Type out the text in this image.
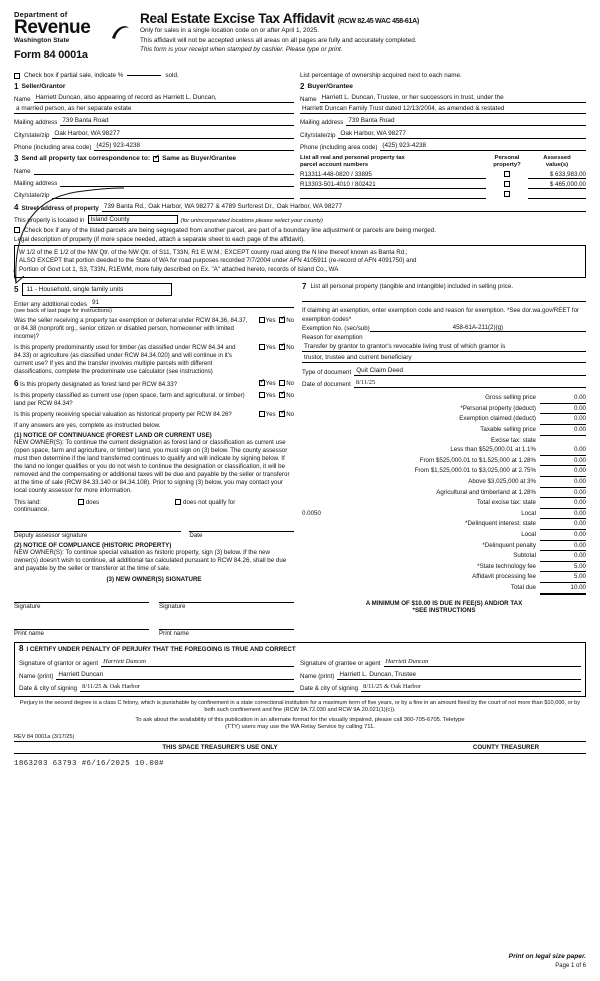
Department of
Revenue
Washington State
Form 84 0001a
Real Estate Excise Tax Affidavit (RCW 82.45 WAC 458-61A)
Only for sales in a single location code on or after April 1, 2025.
This affidavit will not be accepted unless all areas on all pages are fully and accurately completed.
This form is your receipt when stamped by cashier. Please type or print.
Check box if partial sale, indicate %	sold.	List percentage of ownership acquired next to each name.
1 Seller/Grantor
Name Harriett Duncan, also appearing of record as Harriett L. Duncan,
a married person, as her separate estate
Mailing address 739 Banta Road
City/state/zip Oak Harbor, WA 98277
Phone (including area code) (425) 923-4238
2 Buyer/Grantee
Name Harriett L. Duncan, Trustee, or her successors in trust, under the
Harriett Duncan Family Trust dated 12/13/2004, as amended & restated
Mailing address 739 Banta Road
City/state/zip Oak Harbor, WA 98277
Phone (including area code) (425) 923-4238
3 Send all property tax correspondence to: ✓ Same as Buyer/Grantee
Name

Mailing address
City/state/zip
List all real and personal property tax
parcel account numbers
Personal
property?
Assessed
value(s)
R13311-448-0820 / 33895	$ 633,983.00
R13303-501-4010 / 802421	$ 465,000.00

4 Street address of property 739 Banta Rd., Oak Harbor, WA 98277 & 4789 Surfcrest Dr., Oak Harbor, WA 98277
This property is located in Island County	(for unincorporated locations please select your county)
Check box if any of the listed parcels are being segregated from another parcel, are part of a boundary line adjustment or parcels are being merged.
Legal description of property (if more space needed, attach a separate sheet to each page of the affidavit).
W 1/2 of the E 1/2 of the NW Qtr. of the NW Qtr. of S11, T33N, R1 E.W.M.; EXCEPT county road along the N line thereof known as Banta Rd.;
ALSO EXCEPT that portion deeded to the State of WA for road purposes recorded 7/7/2004 under AFN 4105911 (re-record of AFN 4091750) and
Portion of Govt Lot 1, S3, T33N, R1EWM, more fully described on Ex. "A" attached hereto, records of Island Co., WA
5	11 - Household, single family units
Enter any additional codes 91
(see back of last page for instructions)
Was the seller receiving a property tax exemption or deferral under RCW 84.36, 84.37, or 84.38 (nonprofit org., senior citizen or disabled person, homeowner with limited income)?
Yes ✓No
Is this property predominantly used for timber (as classified under RCW 84.34 and 84.33) or agriculture (as classified under RCW 84.34.020) and will continue in it's current use? If yes and the transfer involves multiple parcels with different classifications, complete the predominate use calculator (see instructions)
Yes ✓No
6 Is this property designated as forest land per RCW 84.33? ✓	Yes No
Is this property classified as current use (open space, farm and agricultural, or timber) land per RCW 84.34?
Yes ✓No
Is this property receiving special valuation as historical property per RCW 84.26?	Yes ✓No
If any answers are yes, complete as instructed below.
(1) NOTICE OF CONTINUANCE (FOREST LAND OR CURRENT USE)
NEW OWNER(S): To continue the current designation as forest land or classification as current use (open space, farm and agriculture, or timber) land, you must sign on (3) below. The county assessor must then determine if the land transferred continues to qualify and will indicate by signing below. If the land no longer qualifies or you do not wish to continue the designation or classification, it will be removed and the compensating or additional taxes will be due and payable by the seller or transferor at the time of sale (RCW 84.33.140 or 84.34.108). Prior to signing (3) below, you may contact your local county assessor for more information.
This land:
continuance.
does	does not qualify for
Deputy assessor signature	Date
(2) NOTICE OF COMPLIANCE (HISTORIC PROPERTY)
NEW OWNER(S): To continue special valuation as historic property, sign (3) below. If the new owner(s) doesn't wish to continue, all additional tax calculated pursuant to RCW 84.26, shall be due and payable by the seller or transferor at the time of sale.
(3) NEW OWNER(S) SIGNATURE
Signature	Signature
Print name	Print name
7 List all personal property (tangible and intangible) included in selling price.

If claiming an exemption, enter exemption code and reason for exemption. *See dor.wa.gov/REET for exemption codes*
Exemption No. (sec/sub)	458-61A-211(2)(g)
Reason for exemption
Transfer by grantor to grantor's revocable living trust of which grantor is
trustor, trustee and current beneficiary
Type of document Quit Claim Deed
Date of document 8/11/25
Gross selling price	0.00
*Personal property (deduct)	0.00
Exemption claimed (deduct)	0.00
Taxable selling price	0.00
Excise tax: state
Less than $525,000.01 at 1.1%	0.00
From $525,000.01 to $1,525,000 at 1.28%	0.00
From $1,525,000.01 to $3,025,000 at 2.75%	0.00
Above $3,025,000 at 3%	0.00
Agricultural and timberland at 1.28%	0.00
Total excise tax: state	0.00
0.0050	Local	0.00
*Delinquent interest: state	0.00
Local	0.00
*Delinquent penalty	0.00
Subtotal	0.00
*State technology fee	5.00
Affidavit processing fee	5.00
Total due	10.00
A MINIMUM OF $10.00 IS DUE IN FEE(S) AND/OR TAX
*SEE INSTRUCTIONS
8 I CERTIFY UNDER PENALTY OF PERJURY THAT THE FOREGOING IS TRUE AND CORRECT
Signature of grantor or agent Harriett Duncan
Name (print) Harriett Duncan
Date & city of signing 8/11/25 & Oak Harbor
Signature of grantee or agent Harriett Duncan
Name (print) Harriett L. Duncan, Trustee
Date & city of signing 8/11/25 & Oak Harbor
Perjury in the second degree is a class C felony, which is punishable by confinement in a state correctional institution for a maximum term of five years, or by a fine in an amount fixed by the court of not more than $10,000, or by both such confinement and fine (RCW 9A.72.030 and RCW 9A.20.021(1)(c)).
To ask about the availability of this publication in an alternate format for the visually impaired, please call 360-705-6705. Teletype
(TTY) users may use the WA Relay Service by calling 711.
REV 84 0001a (3/17/25)
THIS SPACE TREASURER'S USE ONLY	COUNTY TREASURER
1863203 63793 #6/16/2025 10.00#
Print on legal size paper.
Page 1 of 6
